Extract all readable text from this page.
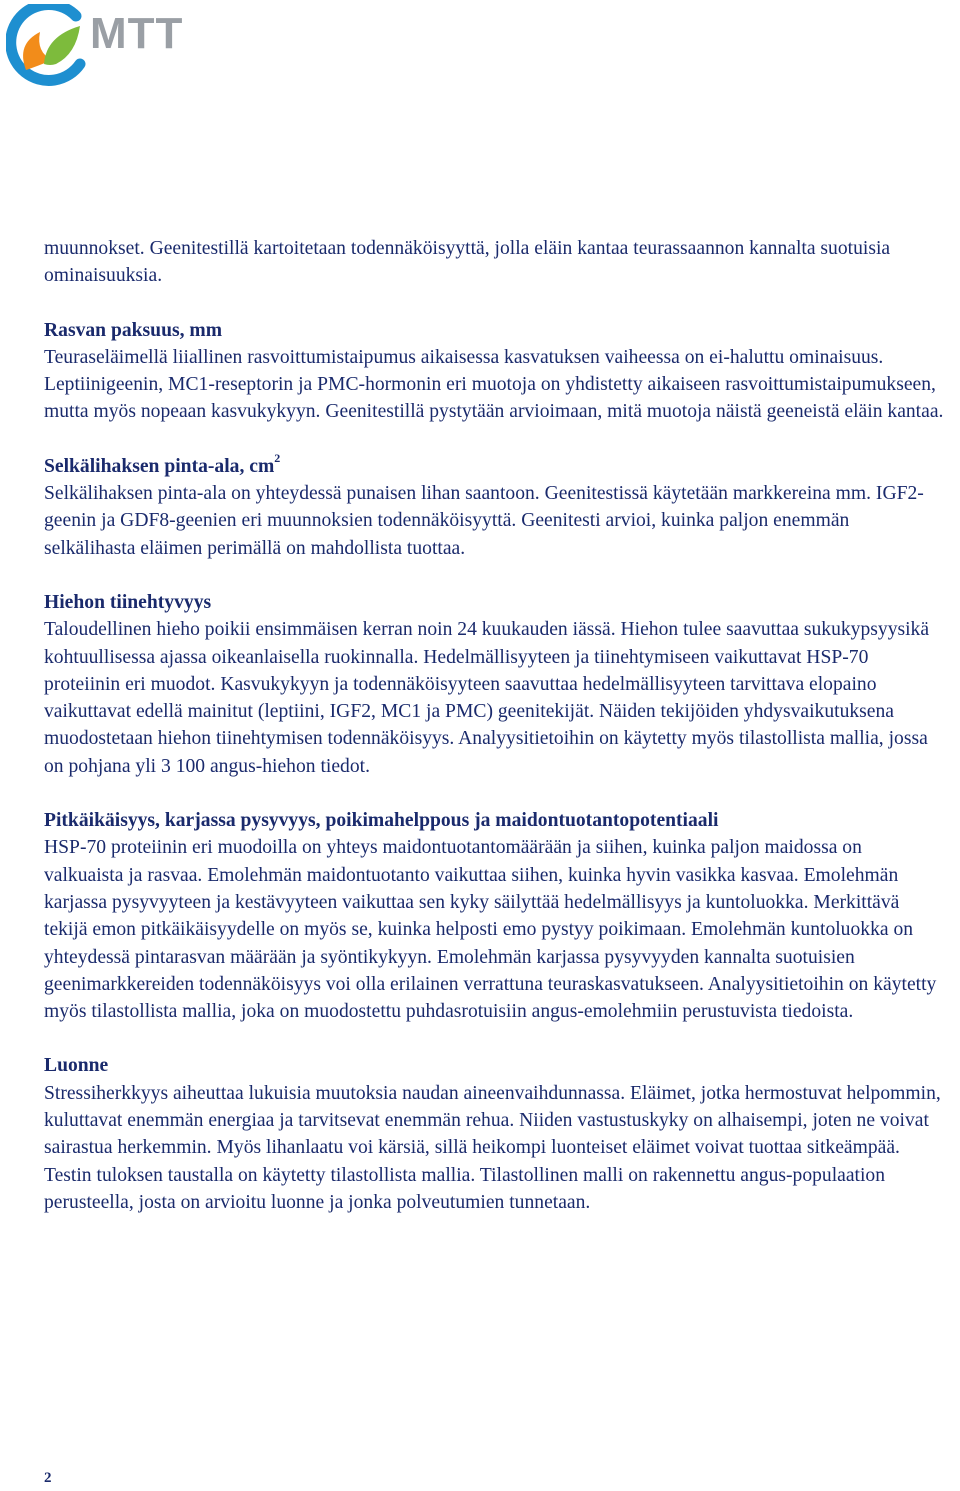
MTT

muunnokset. Geenitestillä kartoitetaan todennäköisyyttä, jolla eläin kantaa teurassaannon kannalta suotuisia ominaisuuksia.

Rasvan paksuus, mm

Teuraseläimellä liiallinen rasvoittumistaipumus aikaisessa kasvatuksen vaiheessa on ei-haluttu ominaisuus. Leptiinigeenin, MC1-reseptorin ja PMC-hormonin eri muotoja on yhdistetty aikaiseen rasvoittumistaipumukseen, mutta myös nopeaan kasvukykyyn. Geenitestillä pystytään arvioimaan, mitä muotoja näistä geeneistä eläin kantaa.

Selkälihaksen pinta-ala, $cm^2$

Selkälihaksen pinta-ala on yhteydessä punaisen lihan saantoon. Geenitestissä käytetään markkereina mm. IGF2-geenin ja GDF8-geenien eri muunnoksien todennäköisyyttä. Geenitesti arvioi, kuinka paljon enemmän selkälihasta eläimen perimällä on mahdollista tuottaa.

Hiehon tiinehtyvyys

Taloudellinen hieho poikii ensimmäisen kerran noin 24 kuukauden iässä. Hiehon tulee saavuttaa sukukypsyysikä kohtuullisessa ajassa oikeanlaisella ruokinnalla. Hedelmällisyyteen ja tiinehtymiseen vaikuttavat HSP-70 proteiinin eri muodot. Kasvukykyyn ja todennäköisyyteen saavuttaa hedelmällisyyteen tarvittava elopaino vaikuttavat edellä mainitut (leptiini, IGF2, MC1 ja PMC) geenitekijät. Näiden tekijöiden yhdysvaikutuksena muodostetaan hiehon tiinehtymisen todennäköisyys. Analyysitietoihin on käytetty myös tilastollista mallia, jossa on pohjana yli 3 100 angus-hiehon tiedot.

Pitkäikäisyys, karjassa pysyvyys, poikimahelppous ja maidontuotantopotentiaali

HSP-70 proteiinin eri muodoilla on yhteys maidontuotantomäärään ja siihen, kuinka paljon maidossa on valkuaista ja rasvaa. Emolehmän maidontuotanto vaikuttaa siihen, kuinka hyvin vasikka kasvaa. Emolehmän karjassa pysyvyyteen ja kestävyyteen vaikuttaa sen kyky säilyttää hedelmällisyys ja kuntoluokka. Merkittävä tekijä emon pitkäikäisyydelle on myös se, kuinka helposti emo pystyy poikimaan. Emolehmän kuntoluokka on yhteydessä pintarasvan määrään ja syöntikykyyn. Emolehmän karjassa pysyvyyden kannalta suotuisien geenimarkkereiden todennäköisyys voi olla erilainen verrattuna teuraskasvatukseen. Analyysitietoihin on käytetty myös tilastollista mallia, joka on muodostettu puhdasrotuisiin angus-emolehmiin perustuvista tiedoista.

Luonne

Stressiherkkyys aiheuttaa lukuisia muutoksia naudan aineenvaihdunnassa. Eläimet, jotka hermostuvat helpommin, kuluttavat enemmän energiaa ja tarvitsevat enemmän rehua. Niiden vastustuskyky on alhaisempi, joten ne voivat sairastua herkemmin. Myös lihanlaatu voi kärsiä, sillä heikompi luonteiset eläimet voivat tuottaa sitkeämpää. Testin tuloksen taustalla on käytetty tilastollista mallia. Tilastollinen malli on rakennettu angus-populaation perusteella, josta on arvioitu luonne ja jonka polveutumien tunnetaan.

2
